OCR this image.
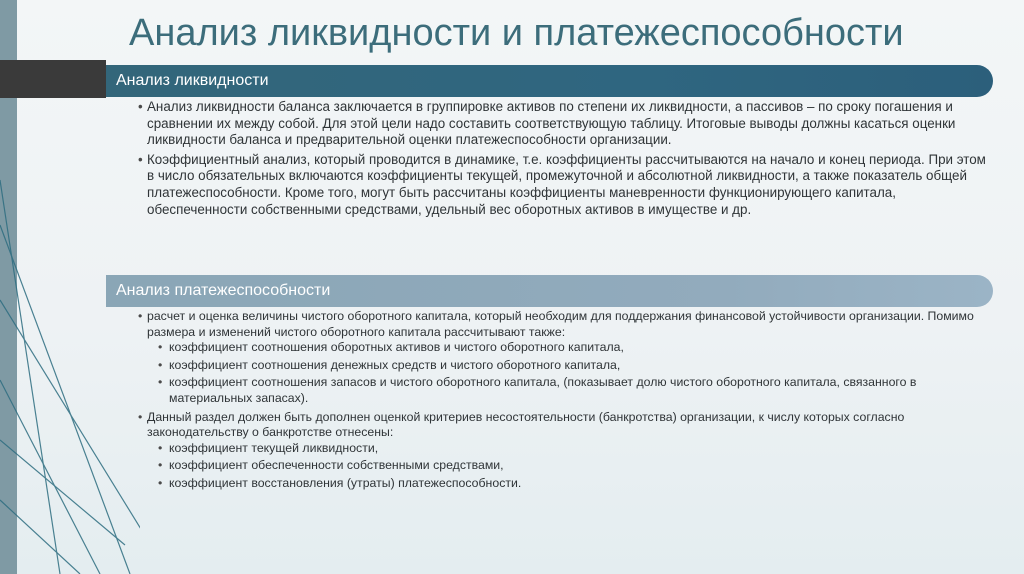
Анализ ликвидности и платежеспособности
Анализ ликвидности
• Анализ ликвидности баланса заключается в группировке активов по степени их ликвидности, а пассивов – по сроку погашения и сравнении их между собой. Для этой цели надо составить соответствующую таблицу. Итоговые выводы должны касаться оценки ликвидности баланса и предварительной оценки платежеспособности организации.
• Коэффициентный анализ, который проводится в динамике, т.е. коэффициенты рассчитываются на начало и конец периода. При этом в число обязательных включаются коэффициенты текущей, промежуточной и абсолютной ликвидности, а также показатель общей платежеспособности. Кроме того, могут быть рассчитаны коэффициенты маневренности функционирующего капитала, обеспеченности собственными средствами, удельный вес оборотных активов в имуществе и др.
Анализ платежеспособности
• расчет и оценка величины чистого оборотного капитала, который необходим для поддержания финансовой устойчивости организации. Помимо размера и изменений чистого оборотного капитала рассчитывают также:
• коэффициент соотношения оборотных активов и чистого оборотного капитала,
• коэффициент соотношения денежных средств и чистого оборотного капитала,
• коэффициент соотношения запасов и чистого оборотного капитала, (показывает долю чистого оборотного капитала, связанного в материальных запасах).
• Данный раздел должен быть дополнен оценкой критериев несостоятельности (банкротства) организации, к числу которых согласно законодательству о банкротстве отнесены:
• коэффициент текущей ликвидности,
• коэффициент обеспеченности собственными средствами,
• коэффициент восстановления (утраты) платежеспособности.
